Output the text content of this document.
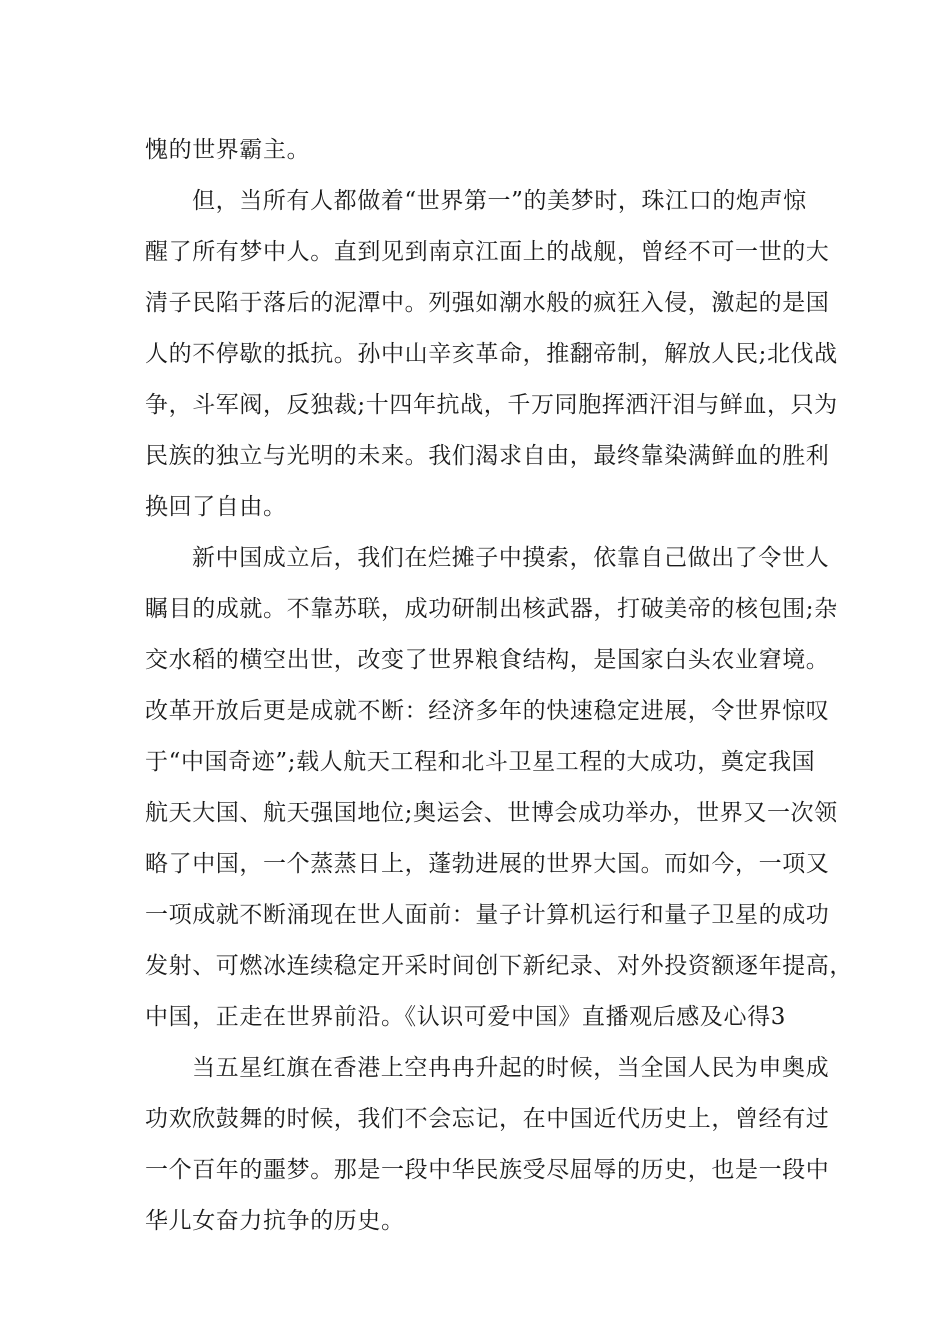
愧的世界霸主。
但，当所有人都做着“世界第一”的美梦时，珠江口的炮声惊
醒了所有梦中人。直到见到南京江面上的战舰，曾经不可一世的大
清子民陷于落后的泥潭中。列强如潮水般的疯狂入侵，激起的是国
人的不停歇的抵抗。孙中山辛亥革命，推翻帝制，解放人民;北伐战
争，斗军阀，反独裁;十四年抗战，千万同胞挥洒汗泪与鲜血，只为
民族的独立与光明的未来。我们渴求自由，最终靠染满鲜血的胜利
换回了自由。
新中国成立后，我们在烂摊子中摸索，依靠自己做出了令世人
瞩目的成就。不靠苏联，成功研制出核武器，打破美帝的核包围;杂
交水稻的横空出世，改变了世界粮食结构，是国家白头农业窘境。
改革开放后更是成就不断：经济多年的快速稳定进展，令世界惊叹
于“中国奇迹”;载人航天工程和北斗卫星工程的大成功，奠定我国
航天大国、航天强国地位;奥运会、世博会成功举办，世界又一次领
略了中国，一个蒸蒸日上，蓬勃进展的世界大国。而如今，一项又
一项成就不断涌现在世人面前：量子计算机运行和量子卫星的成功
发射、可燃冰连续稳定开采时间创下新纪录、对外投资额逐年提高，
中国，正走在世界前沿。《认识可爱中国》直播观后感及心得3
当五星红旗在香港上空冉冉升起的时候，当全国人民为申奥成
功欢欣鼓舞的时候，我们不会忘记，在中国近代历史上，曾经有过
一个百年的噩梦。那是一段中华民族受尽屈辱的历史，也是一段中
华儿女奋力抗争的历史。
